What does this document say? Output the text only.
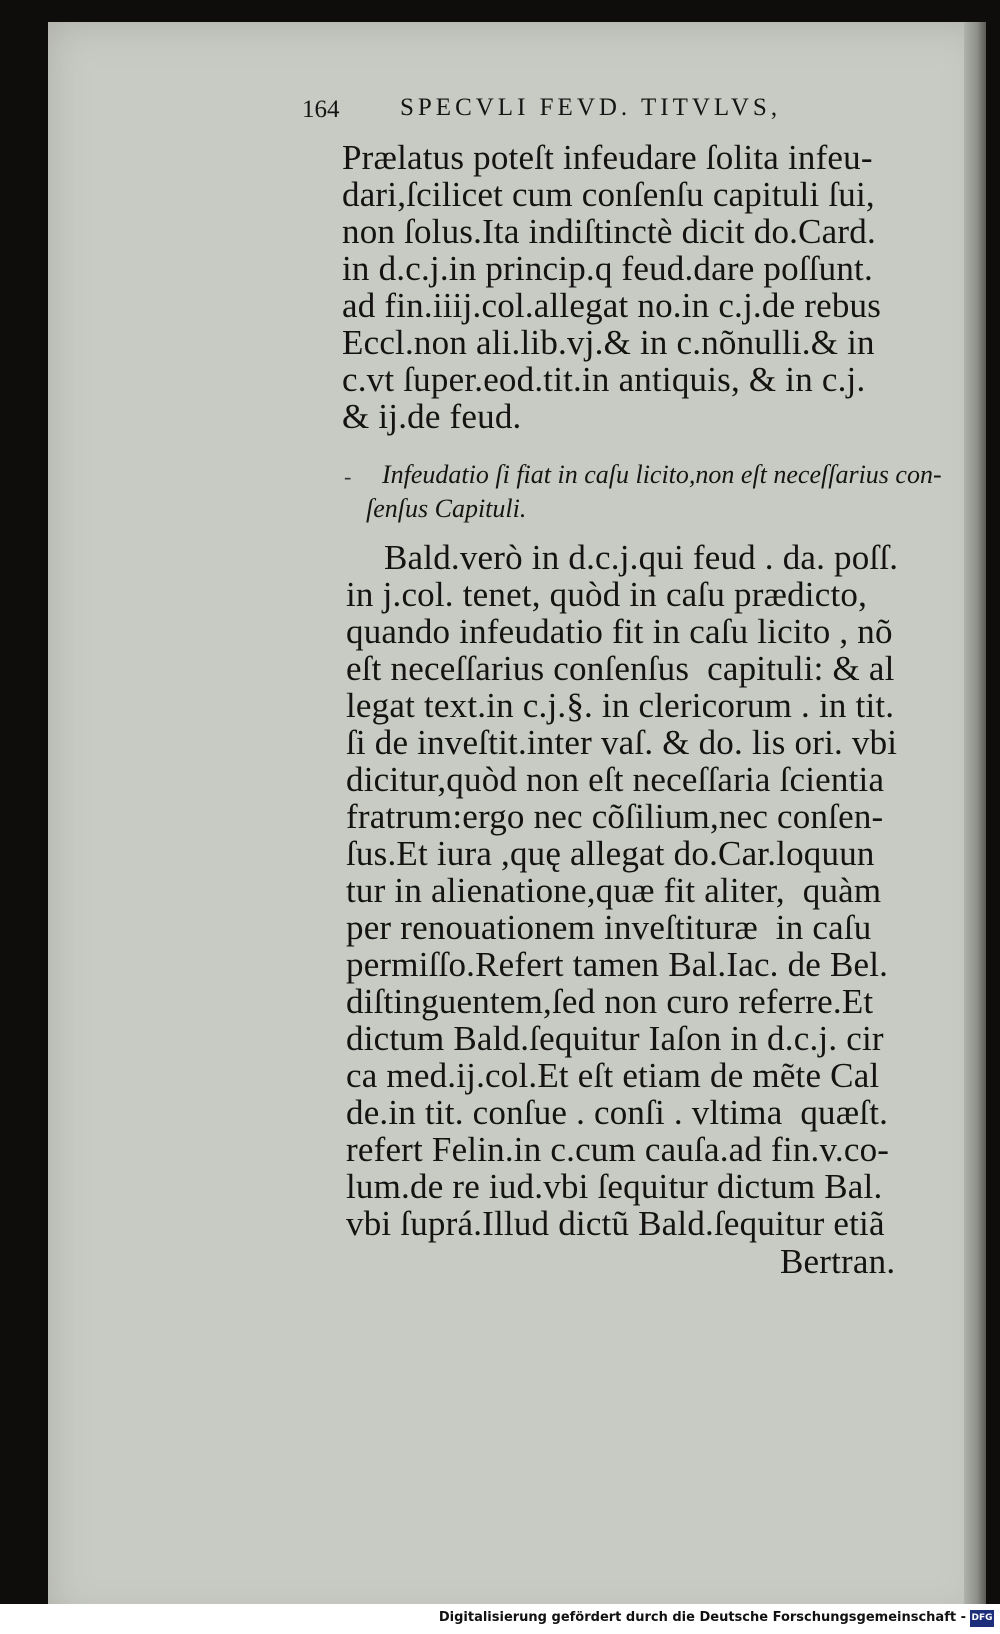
164 SPECVLI FEVD. TITVLVS,
Prælatus poteſt infeudare ſolita infeu-
dari,ſcilicet cum conſenſu capituli ſui,
non ſolus.Ita indiſtinctè dicit do.Card.
in d.c.j.in princip.q feud.dare poſſunt.
ad fin.iiij.col.allegat no.in c.j.de rebus
Eccl.non ali.lib.vj.& in c.nõnulli.& in
c.vt ſuper.eod.tit.in antiquis, & in c.j.
& ij.de feud.
- Infeudatio ſi fiat in caſu licito,non eſt neceſſarius con-
ſenſus Capituli.
Bald.verò in d.c.j.qui feud . da. poſſ.
in j.col. tenet, quòd in caſu prædicto,
quando infeudatio fit in caſu licito , nõ
eſt neceſſarius conſenſus  capituli: & al
legat text.in c.j.§. in clericorum . in tit.
ſi de inveſtit.inter vaſ. & do. lis ori. vbi
dicitur,quòd non eſt neceſſaria ſcientia
fratrum:ergo nec cõſilium,nec conſen-
ſus.Et iura ,quę allegat do.Car.loquun
tur in alienatione,quæ fit aliter,  quàm
per renouationem inveſtituræ  in caſu
permiſſo.Refert tamen Bal.Iac. de Bel.
diſtinguentem,ſed non curo referre.Et
dictum Bald.ſequitur Iaſon in d.c.j. cir
ca med.ij.col.Et eſt etiam de mẽte Cal
de.in tit. conſue . conſi . vltima  quæſt.
refert Felin.in c.cum cauſa.ad fin.v.co-
lum.de re iud.vbi ſequitur dictum Bal.
vbi ſuprá.Illud dictũ Bald.ſequitur etiã
Bertran.
Digitalisierung gefördert durch die Deutsche Forschungsgemeinschaft - DFG
